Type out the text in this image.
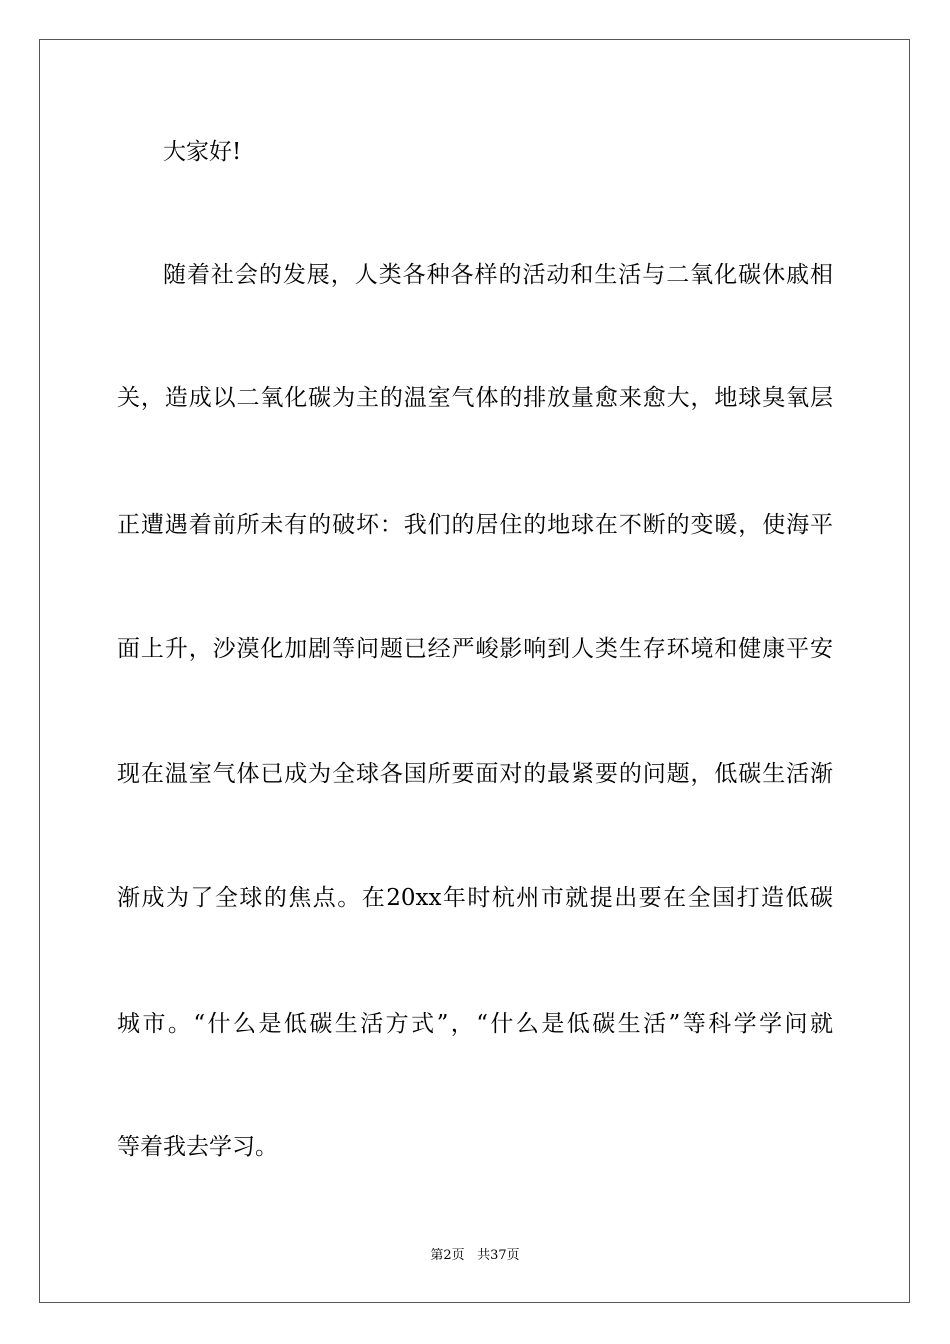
大家好!
随着社会的发展，人类各种各样的活动和生活与二氧化碳休戚相
关，造成以二氧化碳为主的温室气体的排放量愈来愈大，地球臭氧层
正遭遇着前所未有的破坏：我们的居住的地球在不断的变暖，使海平
面上升，沙漠化加剧等问题已经严峻影响到人类生存环境和健康平安
现在温室气体已成为全球各国所要面对的最紧要的问题，低碳生活渐
渐成为了全球的焦点。在20xx年时杭州市就提出要在全国打造低碳
城市。“什么是低碳生活方式”，“什么是低碳生活”等科学学问就
等着我去学习。
第2页 共37页
